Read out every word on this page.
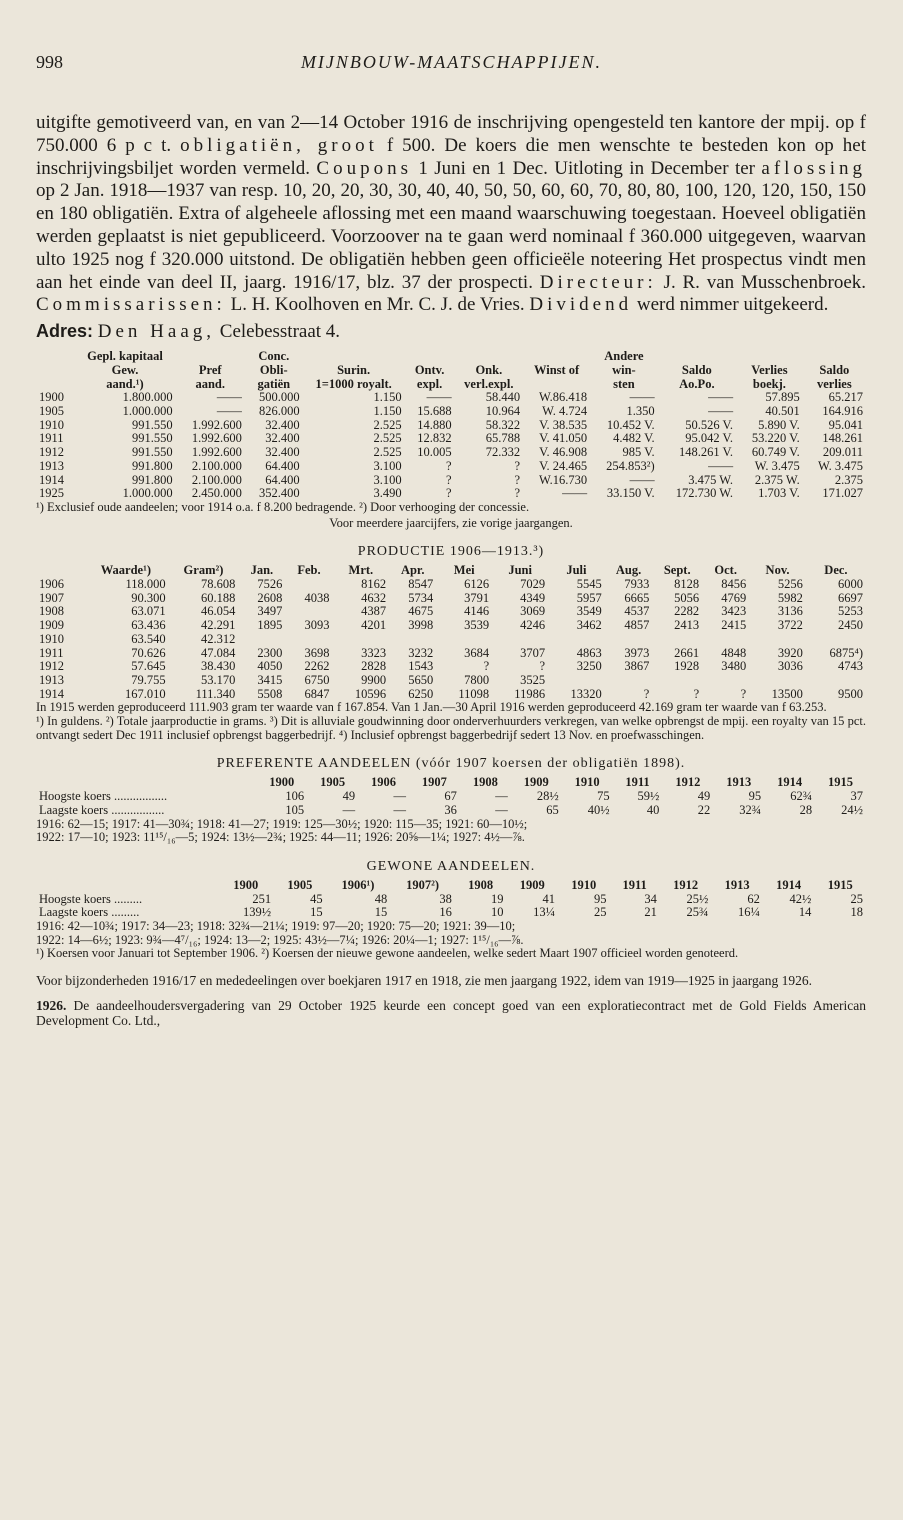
998	MIJNBOUW-MAATSCHAPPIJEN.

uitgifte gemotiveerd van, en van 2—14 October 1916 de inschrijving opengesteld ten kantore der mpij. op f 750.000 6 p c t. obligatiën, groot f 500. De koers die men wenschte te besteden kon op het inschrijvingsbiljet worden vermeld. Coupons 1 Juni en 1 Dec. Uitloting in December ter aflossing op 2 Jan. 1918—1937 van resp. 10, 20, 20, 30, 30, 40, 40, 50, 50, 60, 60, 70, 80, 80, 100, 120, 120, 150, 150 en 180 obligatiën. Extra of algeheele aflossing met een maand waarschuwing toegestaan. Hoeveel obligatiën werden geplaatst is niet gepubliceerd. Voorzoover na te gaan werd nominaal f 360.000 uitgegeven, waarvan ulto 1925 nog f 320.000 uitstond. De obligatiën hebben geen officieële noteering Het prospectus vindt men aan het einde van deel II, jaarg. 1916/17, blz. 37 der prospecti. Directeur: J. R. van Musschenbroek. Commissarissen: L. H. Koolhoven en Mr. C. J. de Vries. Dividend werd nimmer uitgekeerd.

Adres: Den Haag, Celebesstraat 4.
	Gepl. kapitaal		Conc.					Andere			
	Gew.	Pref	Obli-	Surin.	Ontv.	Onk.	Winst of	win-	Saldo	Verlies	Saldo
	aand.¹)	aand.	gatiën	1=1000 royalt.	expl.	verl.expl.		sten	Ao.Po.	boekj.	verlies
1900	1.800.000	——	500.000	1.150	——	58.440	W.86.418	——	——	57.895	65.217
1905	1.000.000	——	826.000	1.150	15.688	10.964	W. 4.724	1.350	——	40.501	164.916
1910	991.550	1.992.600	32.400	2.525	14.880	58.322	V. 38.535	10.452 V.	50.526 V.	5.890 V.	95.041
1911	991.550	1.992.600	32.400	2.525	12.832	65.788	V. 41.050	4.482 V.	95.042 V.	53.220 V.	148.261
1912	991.550	1.992.600	32.400	2.525	10.005	72.332	V. 46.908	985 V.	148.261 V.	60.749 V.	209.011
1913	991.800	2.100.000	64.400	3.100	?	?	V. 24.465	254.853²)	——	W. 3.475	W. 3.475
1914	991.800	2.100.000	64.400	3.100	?	?	W.16.730	——	3.475 W.	2.375 W.	2.375
1925	1.000.000	2.450.000	352.400	3.490	?	?	——	33.150 V.	172.730 W.	1.703 V.	171.027

¹) Exclusief oude aandeelen; voor 1914 o.a. f 8.200 bedragende. ²) Door verhooging der concessie.

Voor meerdere jaarcijfers, zie vorige jaargangen.
PRODUCTIE 1906—1913.³)
	Waarde¹)	Gram²)	Jan.	Feb.	Mrt.	Apr.	Mei	Juni	Juli	Aug.	Sept.	Oct.	Nov.	Dec.
1906	118.000	78.608	7526		8162	8547	6126	7029	5545	7933	8128	8456	5256	6000
1907	90.300	60.188	2608	4038	4632	5734	3791	4349	5957	6665	5056	4769	5982	6697
1908	63.071	46.054	3497		4387	4675	4146	3069	3549	4537	2282	3423	3136	5253
1909	63.436	42.291	1895	3093	4201	3998	3539	4246	3462	4857	2413	2415	3722	2450
1910	63.540	42.312												
1911	70.626	47.084	2300	3698	3323	3232	3684	3707	4863	3973	2661	4848	3920	6875⁴)
1912	57.645	38.430	4050	2262	2828	1543	?	?	3250	3867	1928	3480	3036	4743
1913	79.755	53.170	3415	6750	9900	5650	7800	3525						
1914	167.010	111.340	5508	6847	10596	6250	11098	11986	13320	?	?	?	13500	9500

In 1915 werden geproduceerd 111.903 gram ter waarde van f 167.854. Van 1 Jan.—30 April 1916 werden geproduceerd 42.169 gram ter waarde van f 63.253.

¹) In guldens. ²) Totale jaarproductie in grams. ³) Dit is alluviale goudwinning door onderverhuurders verkregen, van welke opbrengst de mpij. een royalty van 15 pct. ontvangt sedert Dec 1911 inclusief opbrengst baggerbedrijf. ⁴) Inclusief opbrengst baggerbedrijf sedert 13 Nov. en proefwasschingen.

PREFERENTE AANDEELEN (vóór 1907 koersen der obligatiën 1898).
	1900	1905	1906	1907	1908	1909	1910	1911	1912	1913	1914	1915
Hoogste koers .................	106	49	—	67	—	28½	75	59½	49	95	62¾	37
Laagste koers .................	105	—	—	36	—	65	40½	40	22	32¾	28	24½

1916: 62—15; 1917: 41—30¾; 1918: 41—27; 1919: 125—30½; 1920: 115—35; 1921: 60—10½;

1922: 17—10; 1923: 11¹⁵/₁₆—5; 1924: 13½—2¾; 1925: 44—11; 1926: 20⅝—1¼; 1927: 4½—⅞.

GEWONE AANDEELEN.
	1900	1905	1906¹)	1907²)	1908	1909	1910	1911	1912	1913	1914	1915
Hoogste koers .........	251	45	48	38	19	41	95	34	25½	62	42½	25
Laagste koers .........	139½	15	15	16	10	13¼	25	21	25¾	16¼	14	18

1916: 42—10¾; 1917: 34—23; 1918: 32¾—21¼; 1919: 97—20; 1920: 75—20; 1921: 39—10;

1922: 14—6½; 1923: 9¾—4⁷/₁₆; 1924: 13—2; 1925: 43½—7¼; 1926: 20¼—1; 1927: 1¹⁵/₁₆—⅞.

¹) Koersen voor Januari tot September 1906. ²) Koersen der nieuwe gewone aandeelen, welke sedert Maart 1907 officieel worden genoteerd.

Voor bijzonderheden 1916/17 en mededeelingen over boekjaren 1917 en 1918, zie men jaargang 1922, idem van 1919—1925 in jaargang 1926.

1926. De aandeelhoudersvergadering van 29 October 1925 keurde een concept goed van een exploratiecontract met de Gold Fields American Development Co. Ltd.,
